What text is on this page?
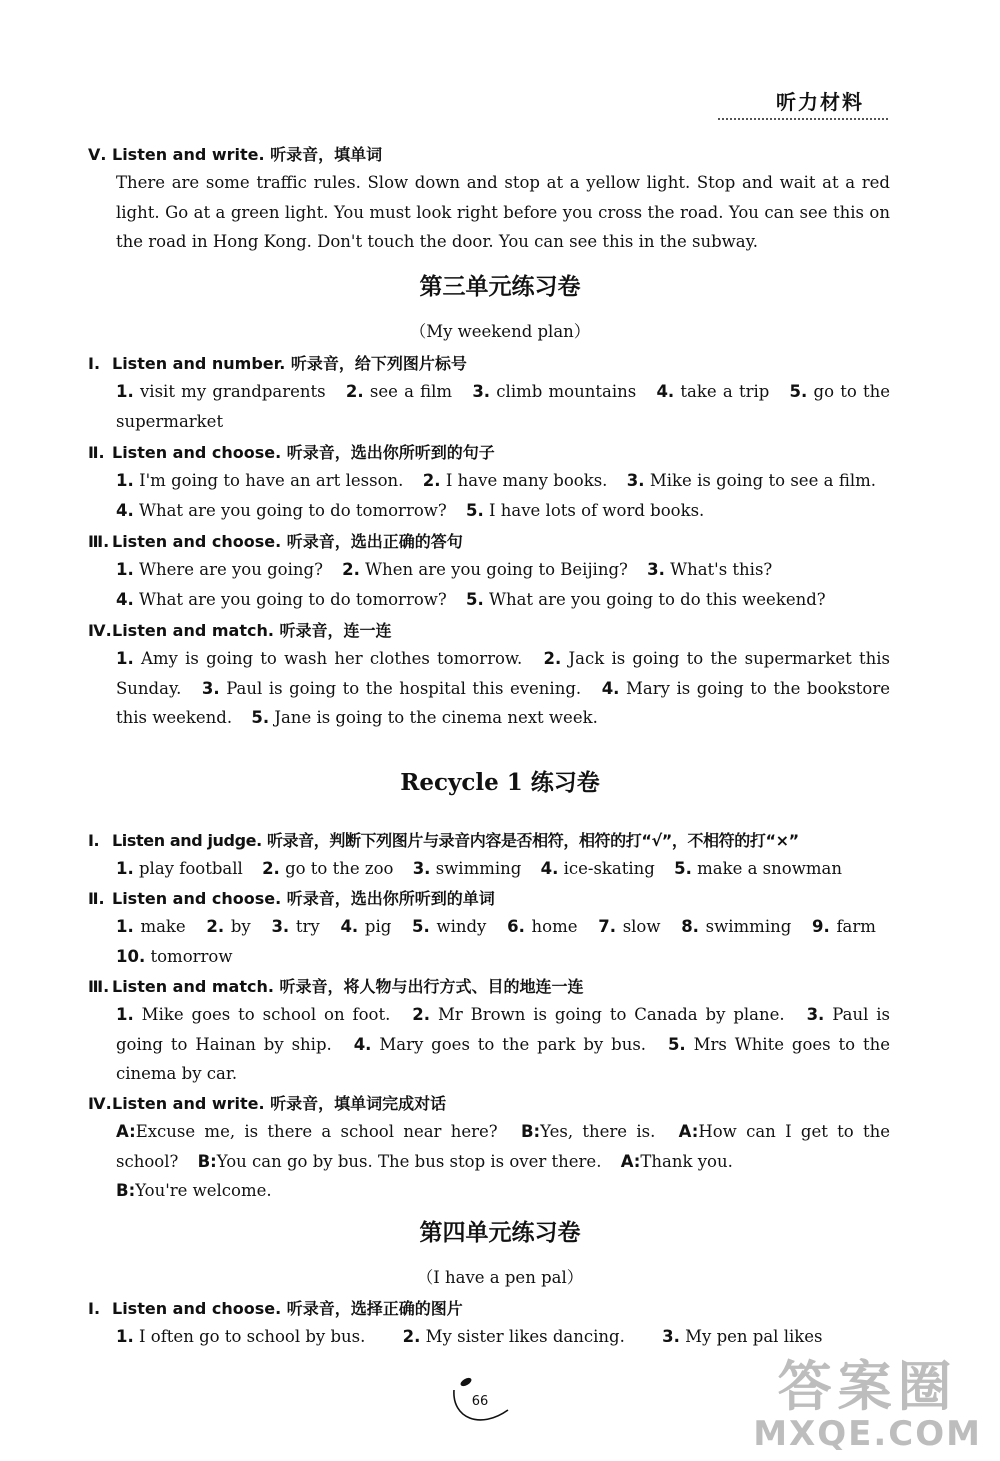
听力材料
Ⅴ. Listen and write. 听录音，填单词
There are some traffic rules. Slow down and stop at a yellow light. Stop and wait at a red light. Go at a green light. You must look right before you cross the road. You can see this on the road in Hong Kong. Don't touch the door. You can see this in the subway.
第三单元练习卷
（My weekend plan）
Ⅰ. Listen and number. 听录音，给下列图片标号
1. visit my grandparents 2. see a film 3. climb mountains 4. take a trip 5. go to the supermarket
Ⅱ. Listen and choose. 听录音，选出你所听到的句子
1. I'm going to have an art lesson. 2. I have many books. 3. Mike is going to see a film. 4. What are you going to do tomorrow? 5. I have lots of word books.
Ⅲ. Listen and choose. 听录音，选出正确的答句
1. Where are you going? 2. When are you going to Beijing? 3. What's this?
4. What are you going to do tomorrow? 5. What are you going to do this weekend?
Ⅳ.Listen and match. 听录音，连一连
1. Amy is going to wash her clothes tomorrow. 2. Jack is going to the supermarket this Sunday. 3. Paul is going to the hospital this evening. 4. Mary is going to the bookstore this weekend. 5. Jane is going to the cinema next week.
Recycle 1 练习卷
Ⅰ. Listen and judge. 听录音，判断下列图片与录音内容是否相符，相符的打“√”，不相符的打“×”
1. play football 2. go to the zoo 3. swimming 4. ice-skating 5. make a snowman
Ⅱ. Listen and choose. 听录音，选出你所听到的单词
1. make 2. by 3. try 4. pig 5. windy 6. home 7. slow 8. swimming 9. farm 10. tomorrow
Ⅲ. Listen and match. 听录音，将人物与出行方式、目的地连一连
1. Mike goes to school on foot. 2. Mr Brown is going to Canada by plane. 3. Paul is going to Hainan by ship. 4. Mary goes to the park by bus. 5. Mrs White goes to the cinema by car.
Ⅳ.Listen and write. 听录音，填单词完成对话
A:Excuse me, is there a school near here? B:Yes, there is. A:How can I get to the school? B:You can go by bus. The bus stop is over there. A:Thank you.
B:You're welcome.
第四单元练习卷
（I have a pen pal）
Ⅰ. Listen and choose. 听录音，选择正确的图片
1. I often go to school by bus. 2. My sister likes dancing. 3. My pen pal likes
66	答案圈
MXQE.COM
